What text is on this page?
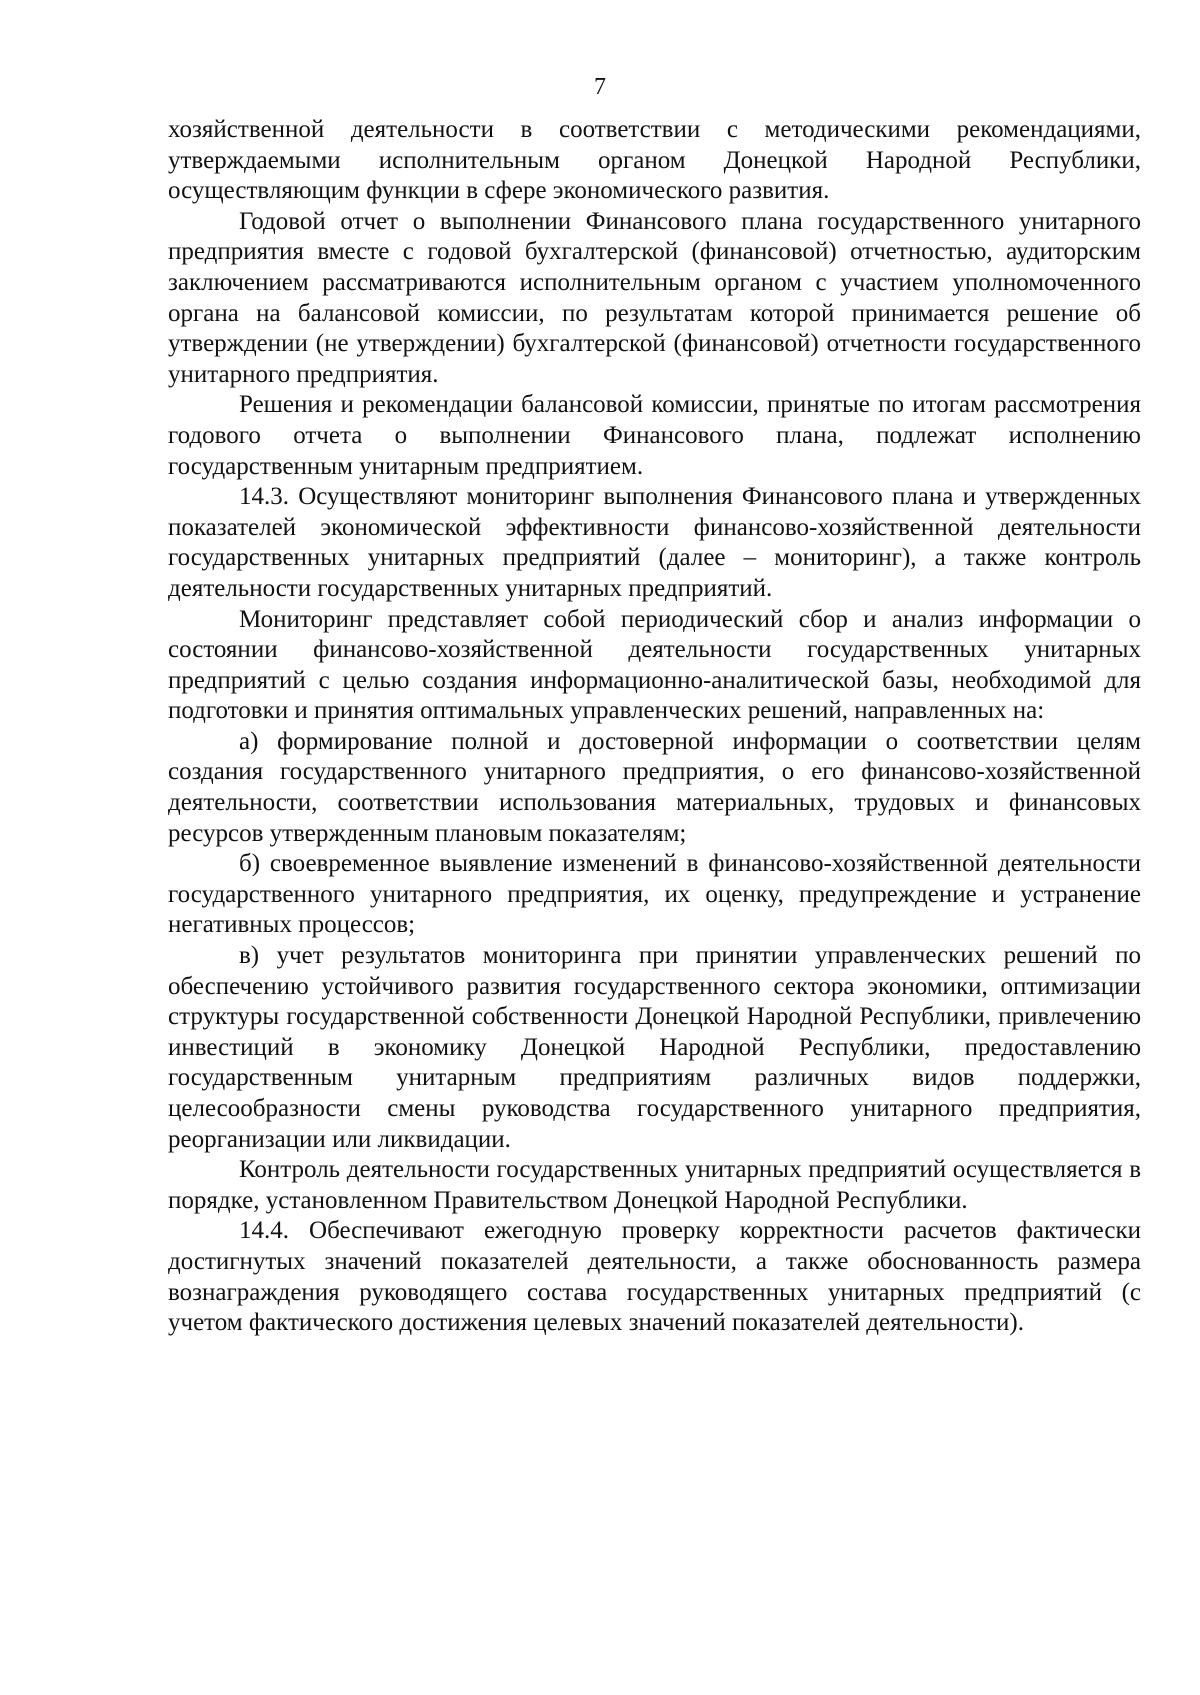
7

хозяйственной деятельности в соответствии с методическими рекомендациями, утверждаемыми исполнительным органом Донецкой Народной Республики, осуществляющим функции в сфере экономического развития.

Годовой отчет о выполнении Финансового плана государственного унитарного предприятия вместе с годовой бухгалтерской (финансовой) отчетностью, аудиторским заключением рассматриваются исполнительным органом с участием уполномоченного органа на балансовой комиссии, по результатам которой принимается решение об утверждении (не утверждении) бухгалтерской (финансовой) отчетности государственного унитарного предприятия.

Решения и рекомендации балансовой комиссии, принятые по итогам рассмотрения годового отчета о выполнении Финансового плана, подлежат исполнению государственным унитарным предприятием.

14.3. Осуществляют мониторинг выполнения Финансового плана и утвержденных показателей экономической эффективности финансово-хозяйственной деятельности государственных унитарных предприятий (далее – мониторинг), а также контроль деятельности государственных унитарных предприятий.

Мониторинг представляет собой периодический сбор и анализ информации о состоянии финансово-хозяйственной деятельности государственных унитарных предприятий с целью создания информационно-аналитической базы, необходимой для подготовки и принятия оптимальных управленческих решений, направленных на:

а) формирование полной и достоверной информации о соответствии целям создания государственного унитарного предприятия, о его финансово-хозяйственной деятельности, соответствии использования материальных, трудовых и финансовых ресурсов утвержденным плановым показателям;

б) своевременное выявление изменений в финансово-хозяйственной деятельности государственного унитарного предприятия, их оценку, предупреждение и устранение негативных процессов;

в) учет результатов мониторинга при принятии управленческих решений по обеспечению устойчивого развития государственного сектора экономики, оптимизации структуры государственной собственности Донецкой Народной Республики, привлечению инвестиций в экономику Донецкой Народной Республики, предоставлению государственным унитарным предприятиям различных видов поддержки, целесообразности смены руководства государственного унитарного предприятия, реорганизации или ликвидации.

Контроль деятельности государственных унитарных предприятий осуществляется в порядке, установленном Правительством Донецкой Народной Республики.

14.4. Обеспечивают ежегодную проверку корректности расчетов фактически достигнутых значений показателей деятельности, а также обоснованность размера вознаграждения руководящего состава государственных унитарных предприятий (с учетом фактического достижения целевых значений показателей деятельности).
